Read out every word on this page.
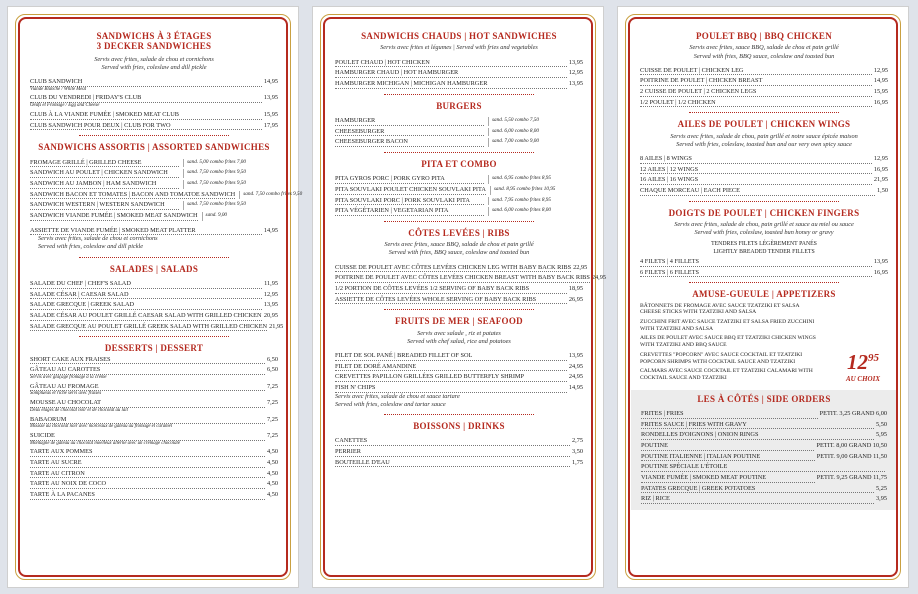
SANDWICHS À 3 ÉTAGES
3 DECKER SANDWICHES
Servis avec frites, salade de chou et cornichons
Served with fries, coleslaw and dill pickle
CLUB SANDWICH	14,95
Viande Blanche / White Meat
CLUB DU VENDREDI | FRIDAY'S CLUB	13,95
Oeufs et Fromage / Egg and Cheese
CLUB À LA VIANDE FUMÉE | SMOKED MEAT CLUB	15,95
CLUB SANDWICH POUR DEUX | CLUB FOR TWO	17,95
SANDWICHS ASSORTIS | ASSORTED SANDWICHES
FROMAGE GRILLÉ | GRILLED CHEESE	sand. 5,00 combo frites 7,00
SANDWICH AU POULET | CHICKEN SANDWICH	sand. 7,50 combo frites 9,50
SANDWICH AU JAMBON | HAM SANDWICH	sand. 7,50 combo frites 9,50
SANDWICH BACON ET TOMATES | BACON AND TOMATOE SANDWICH	sand. 7,50 combo frites 9,50
SANDWICH WESTERN | WESTERN SANDWICH	sand. 7,50 combo frites 9,50
SANDWICH VIANDE FUMÉE | SMOKED MEAT SANDWICH	sand. 9,00
ASSIETTE DE VIANDE FUMÉE | SMOKED MEAT PLATTER	14,95
Servis avec frites, salade de chou et cornichons
Served with fries, coleslaw and dill pickle
SALADES | SALADS
SALADE DU CHEF | CHEF'S SALAD	11,95
SALADE CÉSAR | CAESAR SALAD	12,95
SALADE GRECQUE | GREEK SALAD	13,95
SALADE CÉSAR AU POULET GRILLÉ CAESAR SALAD WITH GRILLED CHICKEN 20,95
SALADE GRECQUE AU POULET GRILLÉ GREEK SALAD WITH GRILLED CHICKEN 21,95
DESSERTS | DESSERT
SHORT CAKE AUX FRAISES	6,50
GÂTEAU AU CAROTTES	6,50
Servis avec glaçage fromage à la crème
GÂTEAU AU FROMAGE	7,25
Somptueux et riche servi avec fraises
MOUSSE AU CHOCOLAT	7,25
Deux étages de chocolat noir et de chocolat au lait
BABAORUM	7,25
Mousse au chocolat noir avec morceaux de gâteau au fromage et caramel
SUICIDE	7,25
Montagne de gâteau au chocolat moelleux alterné avec un crémage chocolaté
TARTE AUX POMMES	4,50
TARTE AU SUCRE	4,50
TARTE AU CITRON	4,50
TARTE AU NOIX DE COCO	4,50
TARTE À LA PACANES	4,50
SANDWICHS CHAUDS | HOT SANDWICHES
Servis avec frites et légumes | Served with fries and vegetables
POULET CHAUD | HOT CHICKEN	13,95
HAMBURGER CHAUD | HOT HAMBURGER	12,95
HAMBURGER MICHIGAN | MICHIGAN HAMBURGER	13,95
BURGERS
HAMBURGER	sand. 5,50 combo 7,50
CHEESEBURGER	sand. 6,00 combo 8,00
CHEESEBURGER BACON	sand. 7,00 combo 9,00
PITA ET COMBO
PITA GYROS PORC | PORK GYRO PITA	sand. 6,95 combo frites 8,95
PITA SOUVLAKI POULET CHICKEN SOUVLAKI PITA	sand. 8,95 combo frites 10,95
PITA SOUVLAKI PORC | PORK SOUVLAKI PITA	sand. 7,95 combo frites 8,95
PITA VÉGÉTARIEN | VEGETARIAN PITA	sand. 6,00 combo frites 8,00
CÔTES LEVÉES | RIBS
Servis avec frites, sauce BBQ, salade de chou et pain grillé
Served with fries, BBQ sauce, coleslaw and toasted bun
CUISSE DE POULET AVEC CÔTES LEVÉES CHICKEN LEG WITH BABY BACK RIBS 22,95
POITRINE DE POULET AVEC CÔTES LEVÉES CHICKEN BREAST WITH BABY BACK RIBS 24,95
1/2 PORTION DE CÔTES LEVÉES 1/2 SERVING OF BABY BACK RIBS	18,95
ASSIETTE DE CÔTES LEVÉES WHOLE SERVING OF BABY BACK RIBS	26,95
FRUITS DE MER | SEAFOOD
Servis avec salade , riz et patates
Served with chef salad, rice and potatoes
FILET DE SOL PANÉ | BREADED FILLET OF SOL	13,95
FILET DE DORÉ AMANDINE	24,95
CREVETTES PAPILLON GRILLÉES GRILLED BUTTERFLY SHRIMP	24,95
FISH N' CHIPS	14,95
Servis avec frites, salade de chou et sauce tartare
Served with fries, coleslaw and tartar sauce
BOISSONS | DRINKS
CANETTES	2,75
PERRIER	3,50
BOUTEILLE D'EAU	1,75
POULET BBQ | BBQ CHICKEN
Servis avec frites, sauce BBQ, salade de chou et pain grillé
Served with fries, BBQ sauce, coleslaw and toasted bun
CUISSE DE POULET | CHICKEN LEG	12,95
POITRINE DE POULET | CHICKEN BREAST	14,95
2 CUISSE DE POULET | 2 CHICKEN LEGS	15,95
1/2 POULET | 1/2 CHICKEN	16,95
AILES DE POULET | CHICKEN WINGS
Servis avec frites, salade de chou, pain grillé et notre sauce épicée maison
Served with fries, coleslaw, toasted bun and our very own spicy sauce
8 AILES | 8 WINGS	12,95
12 AILES | 12 WINGS	16,95
16 AILES | 16 WINGS	21,95
CHAQUE MORCEAU | EACH PIECE	1,50
DOIGTS DE POULET | CHICKEN FINGERS
Servis avec frites, salade de chou, pain grillé et sauce au miel ou sauce
Served with fries, coleslaw, toasted bun honey or gravy
TENDRES FILETS LÉGÈREMENT PANÉS
LIGHTLY BREADED TENDER FILLETS
4 FILETS | 4 FILLETS	13,95
6 FILETS | 6 FILLETS	16,95
AMUSE-GUEULE | APPETIZERS
BÂTONNETS DE FROMAGE AVEC SAUCE TZATZIKI ET SALSA CHEESE STICKS WITH TZATZIKI AND SALSA
ZUCCHINI FRIT AVEC SAUCE TZATZIKI ET SALSA FRIED ZUCCHINI WITH TZATZIKI AND SALSA
AILES DE POULET AVEC SAUCE BBQ ET TZATZIKI CHICKEN WINGS WITH TZATZIKI AND BBQ SAUCE
CREVETTES "POPCORN" AVEC SAUCE COCKTAIL ET TZATZIKI POPCORN SHRIMPS WITH COCKTAIL SAUCE AND TZATZIKI
CALMARS AVEC SAUCE COCKTAIL ET TZATZIKI CALAMARI WITH COCKTAIL SAUCE AND TZATZIKI
LES À CÔTÉS | SIDE ORDERS
FRITES | FRIES	PETIT. 3,25 GRAND 6,00
FRITES SAUCE | FRIES WITH GRAVY	5,50
RONDELLES D'OIGNONS | ONION RINGS	5,95
POUTINE	PETIT. 8,00 GRAND 10,50
POUTINE ITALIENNE | ITALIAN POUTINE	PETIT. 9,00 GRAND 11,50
POUTINE SPÉCIALE L'ÉTOILE
VIANDE FUMÉE | SMOKED MEAT POUTINE	PETIT. 9,25 GRAND 11,75
PATATES GRECQUE | GREEK POTATOES	5,25
RIZ | RICE	3,95
$12^{95}$
AU CHOIX
